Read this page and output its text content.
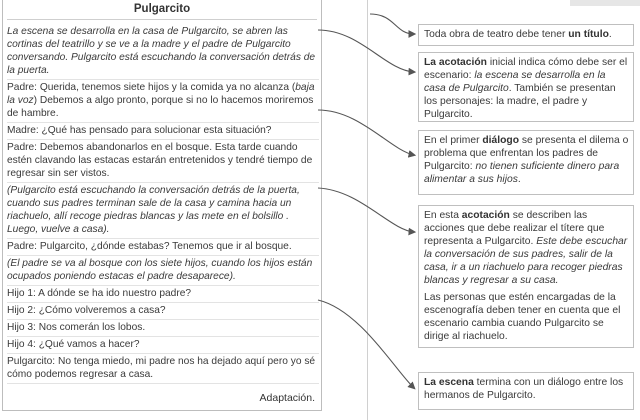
Pulgarcito

La escena se desarrolla en la casa de Pulgarcito, se abren las cortinas del teatrillo y se ve a la madre y el padre de Pulgarcito conversando. Pulgarcito está escuchando la conversación detrás de la puerta.

Padre: Querida, tenemos siete hijos y la comida ya no alcanza (baja la voz) Debemos a algo pronto, porque si no lo hacemos moriremos de hambre.

Madre: ¿Qué has pensado para solucionar esta situación?

Padre: Debemos abandonarlos en el bosque. Esta tarde cuando estén clavando las estacas estarán entretenidos y tendré tiempo de regresar sin ser vistos.

(Pulgarcito está escuchando la conversación detrás de la puerta, cuando sus padres terminan sale de la casa y camina hacia un riachuelo, allí recoge piedras blancas y las mete en el bolsillo . Luego, vuelve a casa).

Padre: Pulgarcito, ¿dónde estabas? Tenemos que ir al bosque.

(El padre se va al bosque con los siete hijos, cuando los hijos están ocupados poniendo estacas el padre desaparece).

Hijo 1: A dónde se ha ido nuestro padre?

Hijo 2: ¿Cómo volveremos a casa?

Hijo 3: Nos comerán los lobos.

Hijo 4: ¿Qué vamos a hacer?

Pulgarcito: No tenga miedo, mi padre nos ha dejado aquí pero yo sé cómo podemos regresar a casa.

Adaptación.
Toda obra de teatro debe tener un título.
La acotación inicial indica cómo debe ser el escenario: la escena se desarrolla en la casa de Pulgarcito. También se presentan los personajes: la madre, el padre y Pulgarcito.
En el primer diálogo se presenta el dilema o problema que enfrentan los padres de Pulgarcito: no tienen suficiente dinero para alimentar a sus hijos.

En esta acotación se describen las acciones que debe realizar el títere que representa a Pulgarcito. Este debe escuchar la conversación de sus padres, salir de la casa, ir a un riachuelo para recoger piedras blancas y regresar a su casa.

Las personas que estén encargadas de la escenografía deben tener en cuenta que el escenario cambia cuando Pulgarcito se dirige al riachuelo.

La escena termina con un diálogo entre los hermanos de Pulgarcito.
